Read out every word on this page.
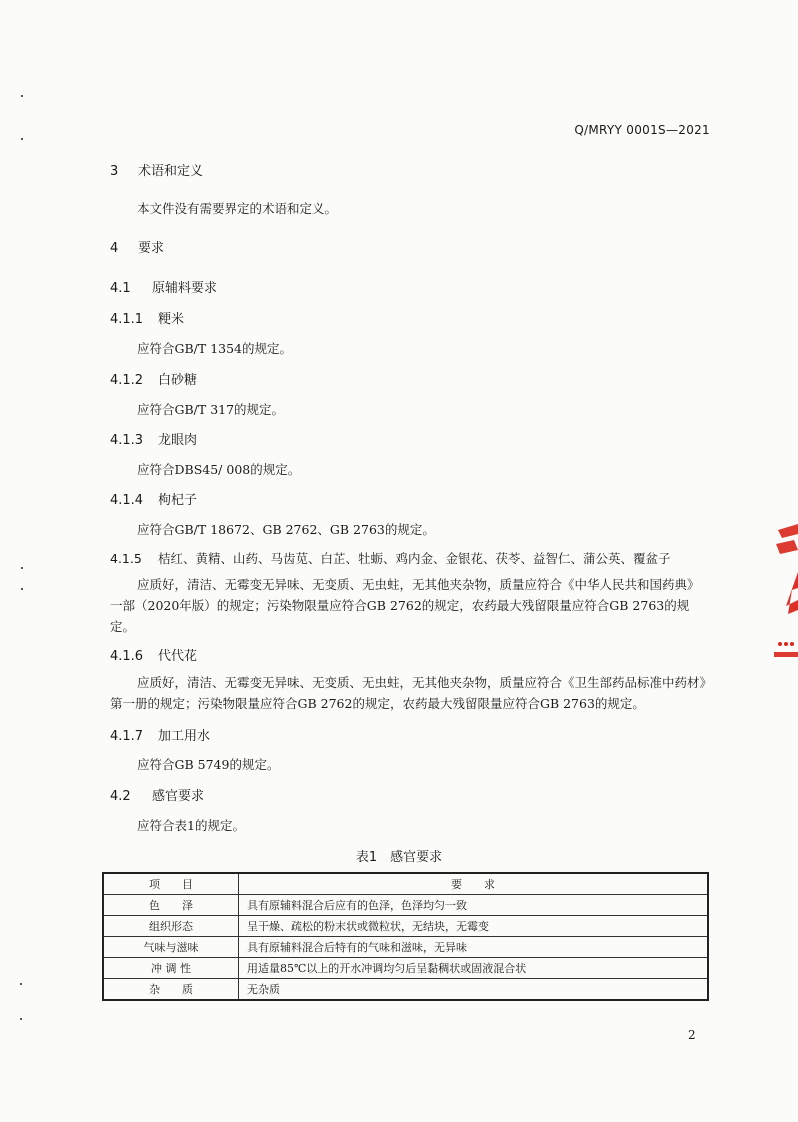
Q/MRYY 0001S—2021
3 术语和定义
本文件没有需要界定的术语和定义。
4 要求
4.1 原辅料要求
4.1.1 粳米
应符合GB/T 1354的规定。
4.1.2 白砂糖
应符合GB/T 317的规定。
4.1.3 龙眼肉
应符合DBS45/ 008的规定。
4.1.4 枸杞子
应符合GB/T 18672、GB 2762、GB 2763的规定。
4.1.5 桔红、黄精、山药、马齿苋、白芷、牡蛎、鸡内金、金银花、茯苓、益智仁、蒲公英、覆盆子
应质好，清洁、无霉变无异味、无变质、无虫蛀，无其他夹杂物，质量应符合《中华人民共和国药典》一部（2020年版）的规定；污染物限量应符合GB 2762的规定，农药最大残留限量应符合GB 2763的规定。
4.1.6 代代花
应质好，清洁、无霉变无异味、无变质、无虫蛀，无其他夹杂物，质量应符合《卫生部药品标准中药材》第一册的规定；污染物限量应符合GB 2762的规定，农药最大残留限量应符合GB 2763的规定。
4.1.7 加工用水
应符合GB 5749的规定。
4.2 感官要求
应符合表1的规定。
表1　感官要求
项　　目	要　　求
色　　泽	具有原辅料混合后应有的色泽，色泽均匀一致
组织形态	呈干燥、疏松的粉末状或微粒状，无结块，无霉变
气味与滋味	具有原辅料混合后特有的气味和滋味，无异味
冲 调 性	用适量85℃以上的开水冲调均匀后呈黏稠状或固液混合状
杂　　质	无杂质
2
